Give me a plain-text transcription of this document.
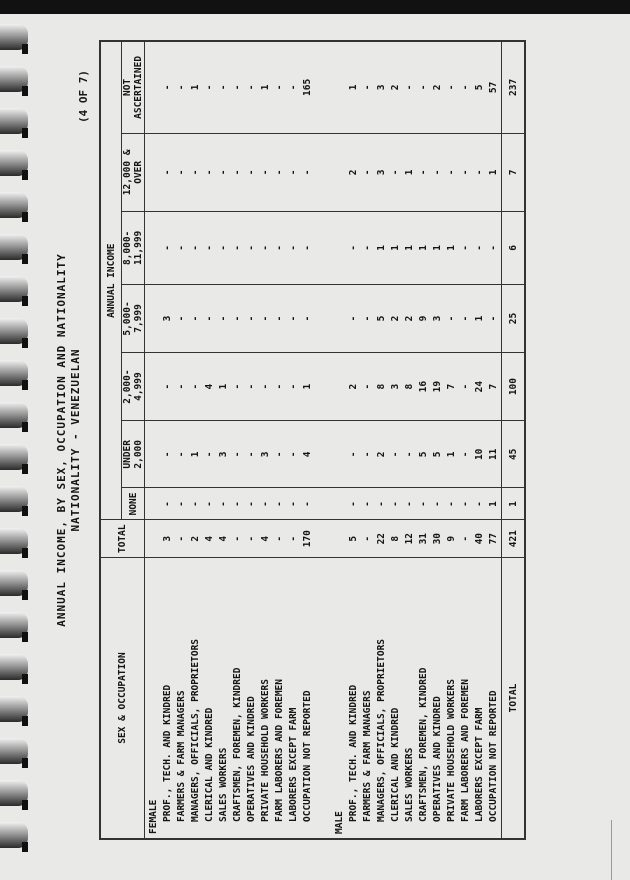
ANNUAL INCOME, BY SEX, OCCUPATION AND NATIONALITY NATIONALITY - VENEZUELAN
(4 OF 7)
SEX & OCCUPATION	TOTAL	ANNUAL INCOME						
		NONE	UNDER 2,000	2,000-4,999	5,000-7,999	8,000-11,999	12,000 & OVER	NOT ASCERTAINED
FEMALE								
PROF., TECH. AND KINDRED	3	-	-	-	3	-	-	-
FARMERS & FARM MANAGERS	-	-	-	-	-	-	-	-
MANAGERS, OFFICIALS, PROPRIETORS	2	-	1	-	-	-	-	1
CLERICAL AND KINDRED	4	-	-	4	-	-	-	-
SALES WORKERS	4	-	3	1	-	-	-	-
CRAFTSMEN, FOREMEN, KINDRED	-	-	-	-	-	-	-	-
OPERATIVES AND KINDRED	-	-	-	-	-	-	-	-
PRIVATE HOUSEHOLD WORKERS	4	-	3	-	-	-	-	1
FARM LABORERS AND FOREMEN	-	-	-	-	-	-	-	-
LABORERS EXCEPT FARM	-	-	-	-	-	-	-	-
OCCUPATION NOT REPORTED	170	-	4	1	-	-	-	165

MALE								
PROF., TECH. AND KINDRED	5	-	-	2	-	-	2	1
FARMERS & FARM MANAGERS	-	-	-	-	-	-	-	-
MANAGERS, OFFICIALS, PROPRIETORS	22	-	2	8	5	1	3	3
CLERICAL AND KINDRED	8	-	-	3	2	1	-	2
SALES WORKERS	12	-	-	8	2	1	1	-
CRAFTSMEN, FOREMEN, KINDRED	31	-	5	16	9	1	-	-
OPERATIVES AND KINDRED	30	-	5	19	3	1	-	2
PRIVATE HOUSEHOLD WORKERS	9	-	1	7	-	1	-	-
FARM LABORERS AND FOREMEN	-	-	-	-	-	-	-	-
LABORERS EXCEPT FARM	40	-	10	24	1	-	-	5
OCCUPATION NOT REPORTED	77	1	11	7	-	-	1	57
TOTAL	421	1	45	100	25	6	7	237
